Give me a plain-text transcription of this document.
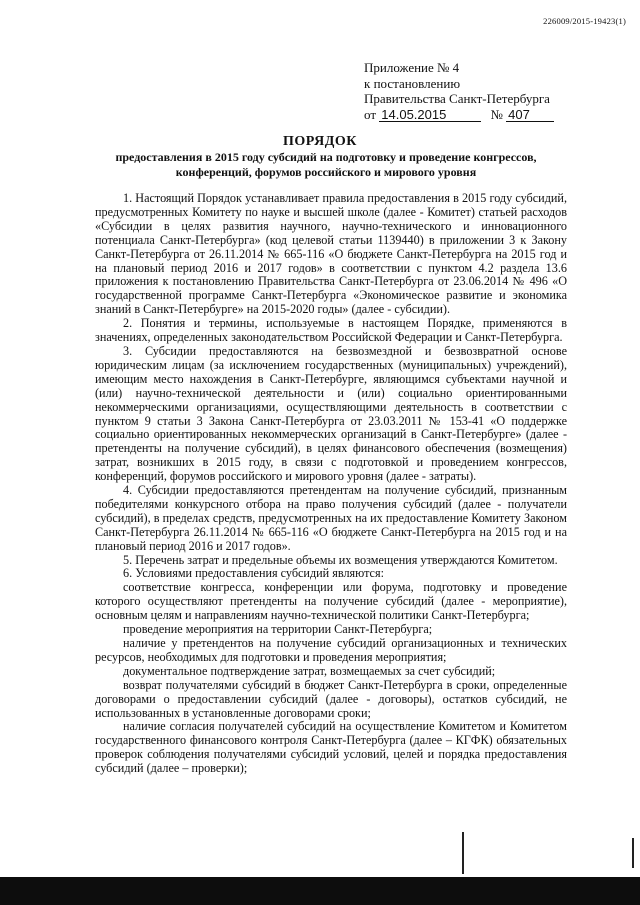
226009/2015-19423(1)
Приложение № 4
к постановлению
Правительства Санкт-Петербурга
от 14.05.2015	№ 407
ПОРЯДОК
предоставления в 2015 году субсидий на подготовку и проведение конгрессов, конференций, форумов российского и мирового уровня

1. Настоящий Порядок устанавливает правила предоставления в 2015 году субсидий, предусмотренных Комитету по науке и высшей школе (далее - Комитет) статьей расходов «Субсидии в целях развития научного, научно-технического и инновационного потенциала Санкт-Петербурга» (код целевой статьи 1139440) в приложении 3 к Закону Санкт-Петербурга от 26.11.2014 № 665-116 «О бюджете Санкт-Петербурга на 2015 год и на плановый период 2016 и 2017 годов» в соответствии с пунктом 4.2 раздела 13.6 приложения к постановлению Правительства Санкт-Петербурга от 23.06.2014 № 496 «О государственной программе Санкт-Петербурга «Экономическое развитие и экономика знаний в Санкт-Петербурге» на 2015-2020 годы» (далее - субсидии).

2. Понятия и термины, используемые в настоящем Порядке, применяются в значениях, определенных законодательством Российской Федерации и Санкт-Петербурга.

3. Субсидии предоставляются на безвозмездной и безвозвратной основе юридическим лицам (за исключением государственных (муниципальных) учреждений), имеющим место нахождения в Санкт-Петербурге, являющимся субъектами научной и (или) научно-технической деятельности и (или) социально ориентированными некоммерческими организациями, осуществляющими деятельность в соответствии с пунктом 9 статьи 3 Закона Санкт-Петербурга от 23.03.2011 № 153-41 «О поддержке социально ориентированных некоммерческих организаций в Санкт-Петербурге» (далее - претенденты на получение субсидий), в целях финансового обеспечения (возмещения) затрат, возникших в 2015 году, в связи с подготовкой и проведением конгрессов, конференций, форумов российского и мирового уровня (далее - затраты).

4. Субсидии предоставляются претендентам на получение субсидий, признанным победителями конкурсного отбора на право получения субсидий (далее - получатели субсидий), в пределах средств, предусмотренных на их предоставление Комитету Законом Санкт-Петербурга 26.11.2014 № 665-116 «О бюджете Санкт-Петербурга на 2015 год и на плановый период 2016 и 2017 годов».

5. Перечень затрат и предельные объемы их возмещения утверждаются Комитетом.

6. Условиями предоставления субсидий являются:

соответствие конгресса, конференции или форума, подготовку и проведение которого осуществляют претенденты на получение субсидий (далее - мероприятие), основным целям и направлениям научно-технической политики Санкт-Петербурга;

проведение мероприятия на территории Санкт-Петербурга;

наличие у претендентов на получение субсидий организационных и технических ресурсов, необходимых для подготовки и проведения мероприятия;

документальное подтверждение затрат, возмещаемых за счет субсидий;

возврат получателями субсидий в бюджет Санкт-Петербурга в сроки, определенные договорами о предоставлении субсидий (далее - договоры), остатков субсидий, не использованных в установленные договорами сроки;

наличие согласия получателей субсидий на осуществление Комитетом и Комитетом государственного финансового контроля Санкт-Петербурга (далее – КГФК) обязательных проверок соблюдения получателями субсидий условий, целей и порядка предоставления субсидий (далее – проверки);
